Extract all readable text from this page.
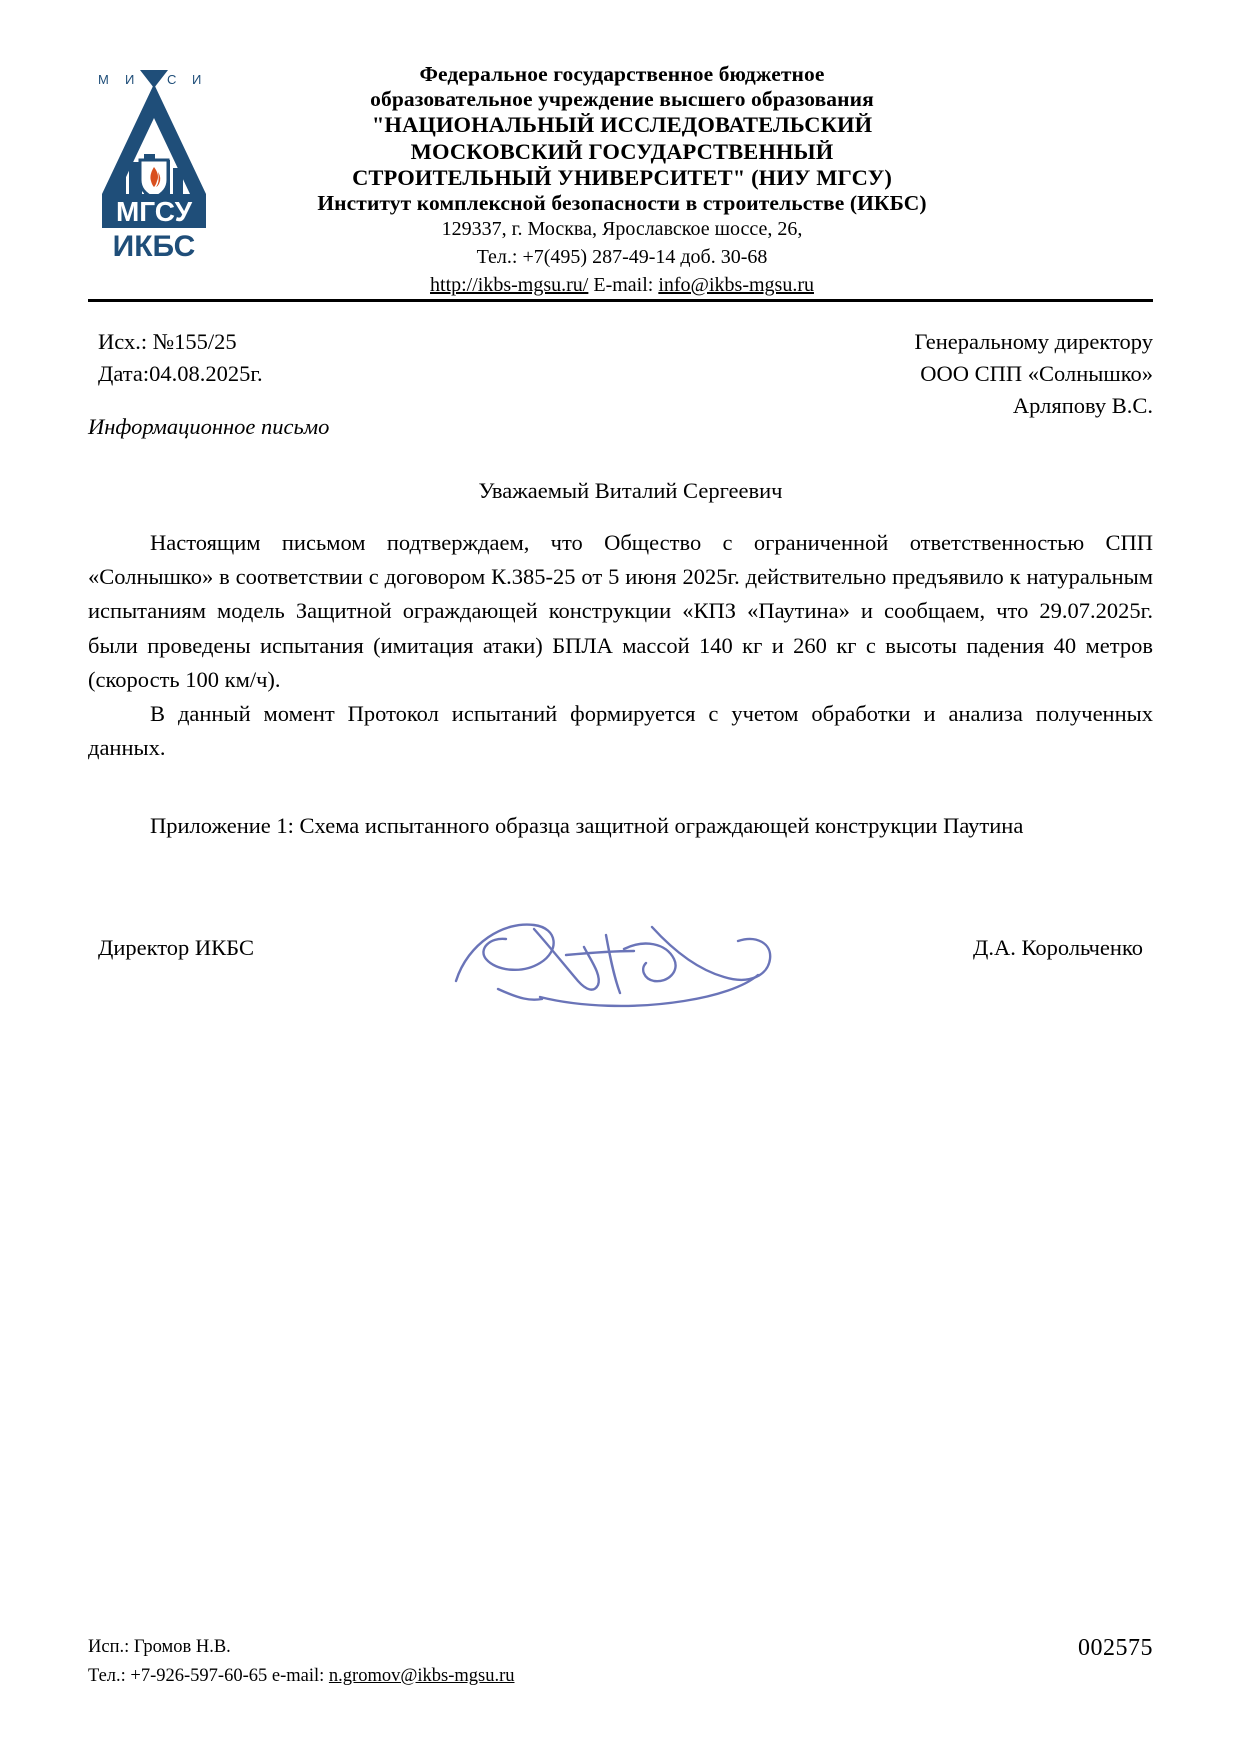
М И	С И
МГСУ
ИКБС
Федеральное государственное бюджетное
образовательное учреждение высшего образования
"НАЦИОНАЛЬНЫЙ ИССЛЕДОВАТЕЛЬСКИЙ
МОСКОВСКИЙ ГОСУДАРСТВЕННЫЙ
СТРОИТЕЛЬНЫЙ УНИВЕРСИТЕТ" (НИУ МГСУ)
Институт комплексной безопасности в строительстве (ИКБС)
129337, г. Москва, Ярославское шоссе, 26,
Тел.: +7(495) 287-49-14 доб. 30-68
http://ikbs-mgsu.ru/ E-mail: info@ikbs-mgsu.ru
Исх.: №155/25
Дата:04.08.2025г.
Генеральному директору
ООО СПП «Солнышко»
Арляпову В.С.
Информационное письмо
Уважаемый Виталий Сергеевич

Настоящим письмом подтверждаем, что Общество с ограниченной ответственностью СПП «Солнышко» в соответствии с договором К.385-25 от 5 июня 2025г. действительно предъявило к натуральным испытаниям модель Защитной ограждающей конструкции «КПЗ «Паутина» и сообщаем, что 29.07.2025г. были проведены испытания (имитация атаки) БПЛА массой 140 кг и 260 кг с высоты падения 40 метров (скорость 100 км/ч).

В данный момент Протокол испытаний формируется с учетом обработки и анализа полученных данных.

Приложение 1: Схема испытанного образца защитной ограждающей конструкции Паутина

Директор ИКБС	Д.А. Корольченко
Исп.: Громов Н.В.
Тел.: +7-926-597-60-65 e-mail: n.gromov@ikbs-mgsu.ru
002575
